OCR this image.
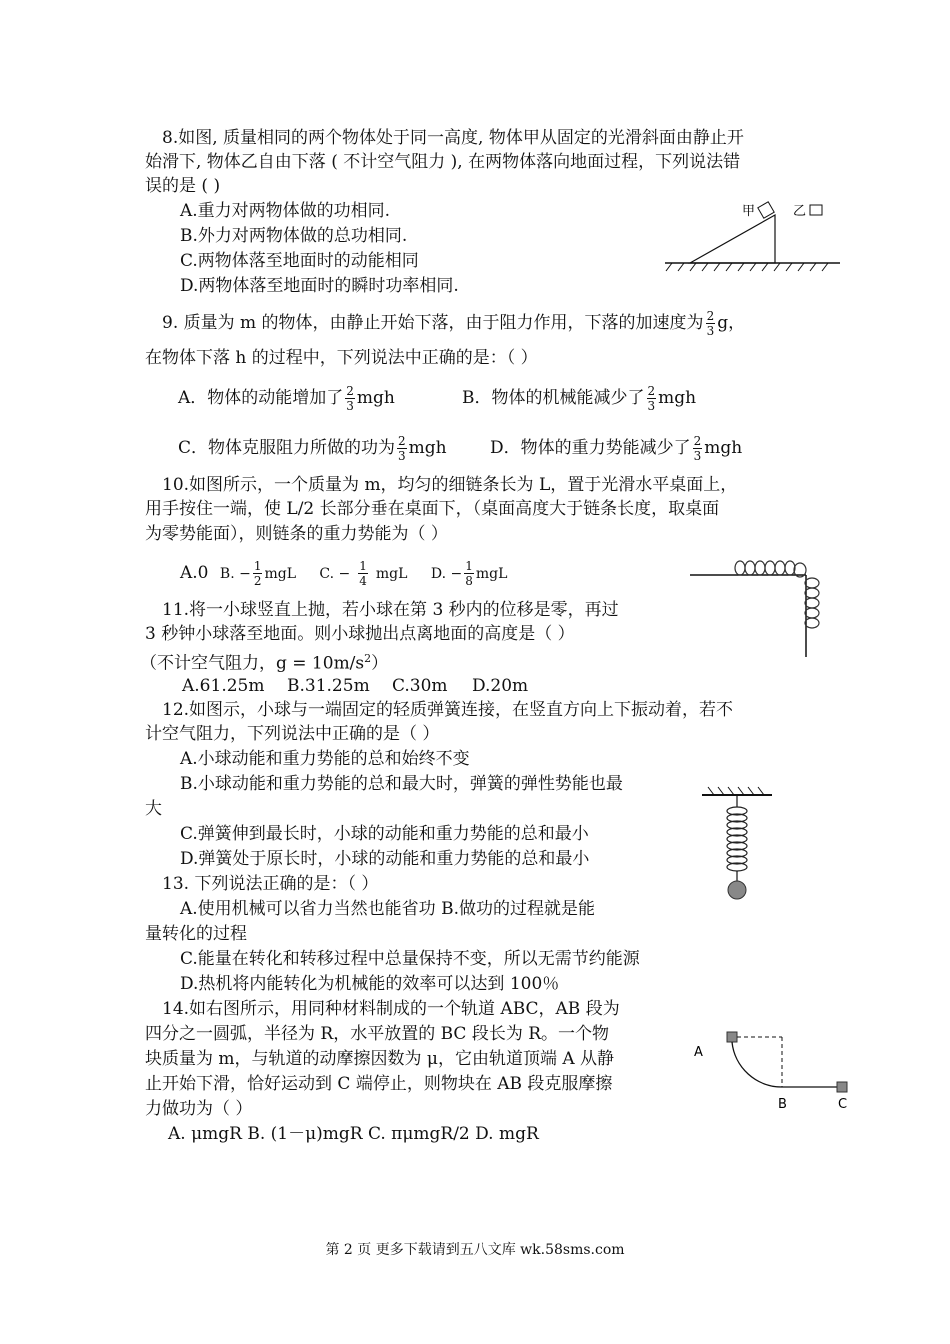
8.如图, 质量相同的两个物体处于同一高度, 物体甲从固定的光滑斜面由静止开
始滑下, 物体乙自由下落 ( 不计空气阻力 ), 在两物体落向地面过程，下列说法错
误的是 ( )
A.重力对两物体做的功相同.
B.外力对两物体做的总功相同.
C.两物体落至地面时的动能相同
D.两物体落至地面时的瞬时功率相同.
甲	乙
9. 质量为 m 的物体，由静止开始下落，由于阻力作用，下落的加速度为 $\frac{2}{3}$ g，
在物体下落 h 的过程中，下列说法中正确的是：（ ）
A．物体的动能增加了 $\frac{2}{3}$ mgh	B．物体的机械能减少了 $\frac{2}{3}$ mgh
C．物体克服阻力所做的功为 $\frac{2}{3}$ mgh	D．物体的重力势能减少了 $\frac{2}{3}$ mgh
10.如图所示，一个质量为 m，均匀的细链条长为 L，置于光滑水平桌面上，
用手按住一端，使 L/2 长部分垂在桌面下，（桌面高度大于链条长度，取桌面
为零势能面），则链条的重力势能为（ ）
A.0 B. − $\frac{1}{2}$ mgL C. − $\frac{1}{4}$ mgL D. − $\frac{1}{8}$ mgL
11.将一小球竖直上抛，若小球在第 3 秒内的位移是零，再过
3 秒钟小球落至地面。则小球抛出点离地面的高度是（ ）
（不计空气阻力，$g = 10m/s^2$）
A.61.25m B.31.25m C.30m D.20m
12.如图示，小球与一端固定的轻质弹簧连接，在竖直方向上下振动着，若不
计空气阻力，下列说法中正确的是（ ）
A.小球动能和重力势能的总和始终不变
B.小球动能和重力势能的总和最大时，弹簧的弹性势能也最
大
C.弹簧伸到最长时，小球的动能和重力势能的总和最小
D.弹簧处于原长时，小球的动能和重力势能的总和最小
13. 下列说法正确的是：（ ）
A.使用机械可以省力当然也能省功 B.做功的过程就是能
量转化的过程
C.能量在转化和转移过程中总量保持不变，所以无需节约能源
D.热机将内能转化为机械能的效率可以达到 100％
14.如右图所示，用同种材料制成的一个轨道 ABC，AB 段为
四分之一圆弧，半径为 R，水平放置的 BC 段长为 R。一个物
块质量为 m，与轨道的动摩擦因数为 μ，它由轨道顶端 A 从静
止开始下滑，恰好运动到 C 端停止，则物块在 AB 段克服摩擦
力做功为（ ）
A. μmgR B. (1－μ)mgR C. πμmgR/2 D. mgR
A
B	C
第 2 页 更多下载请到五八文库 wk.58sms.com
